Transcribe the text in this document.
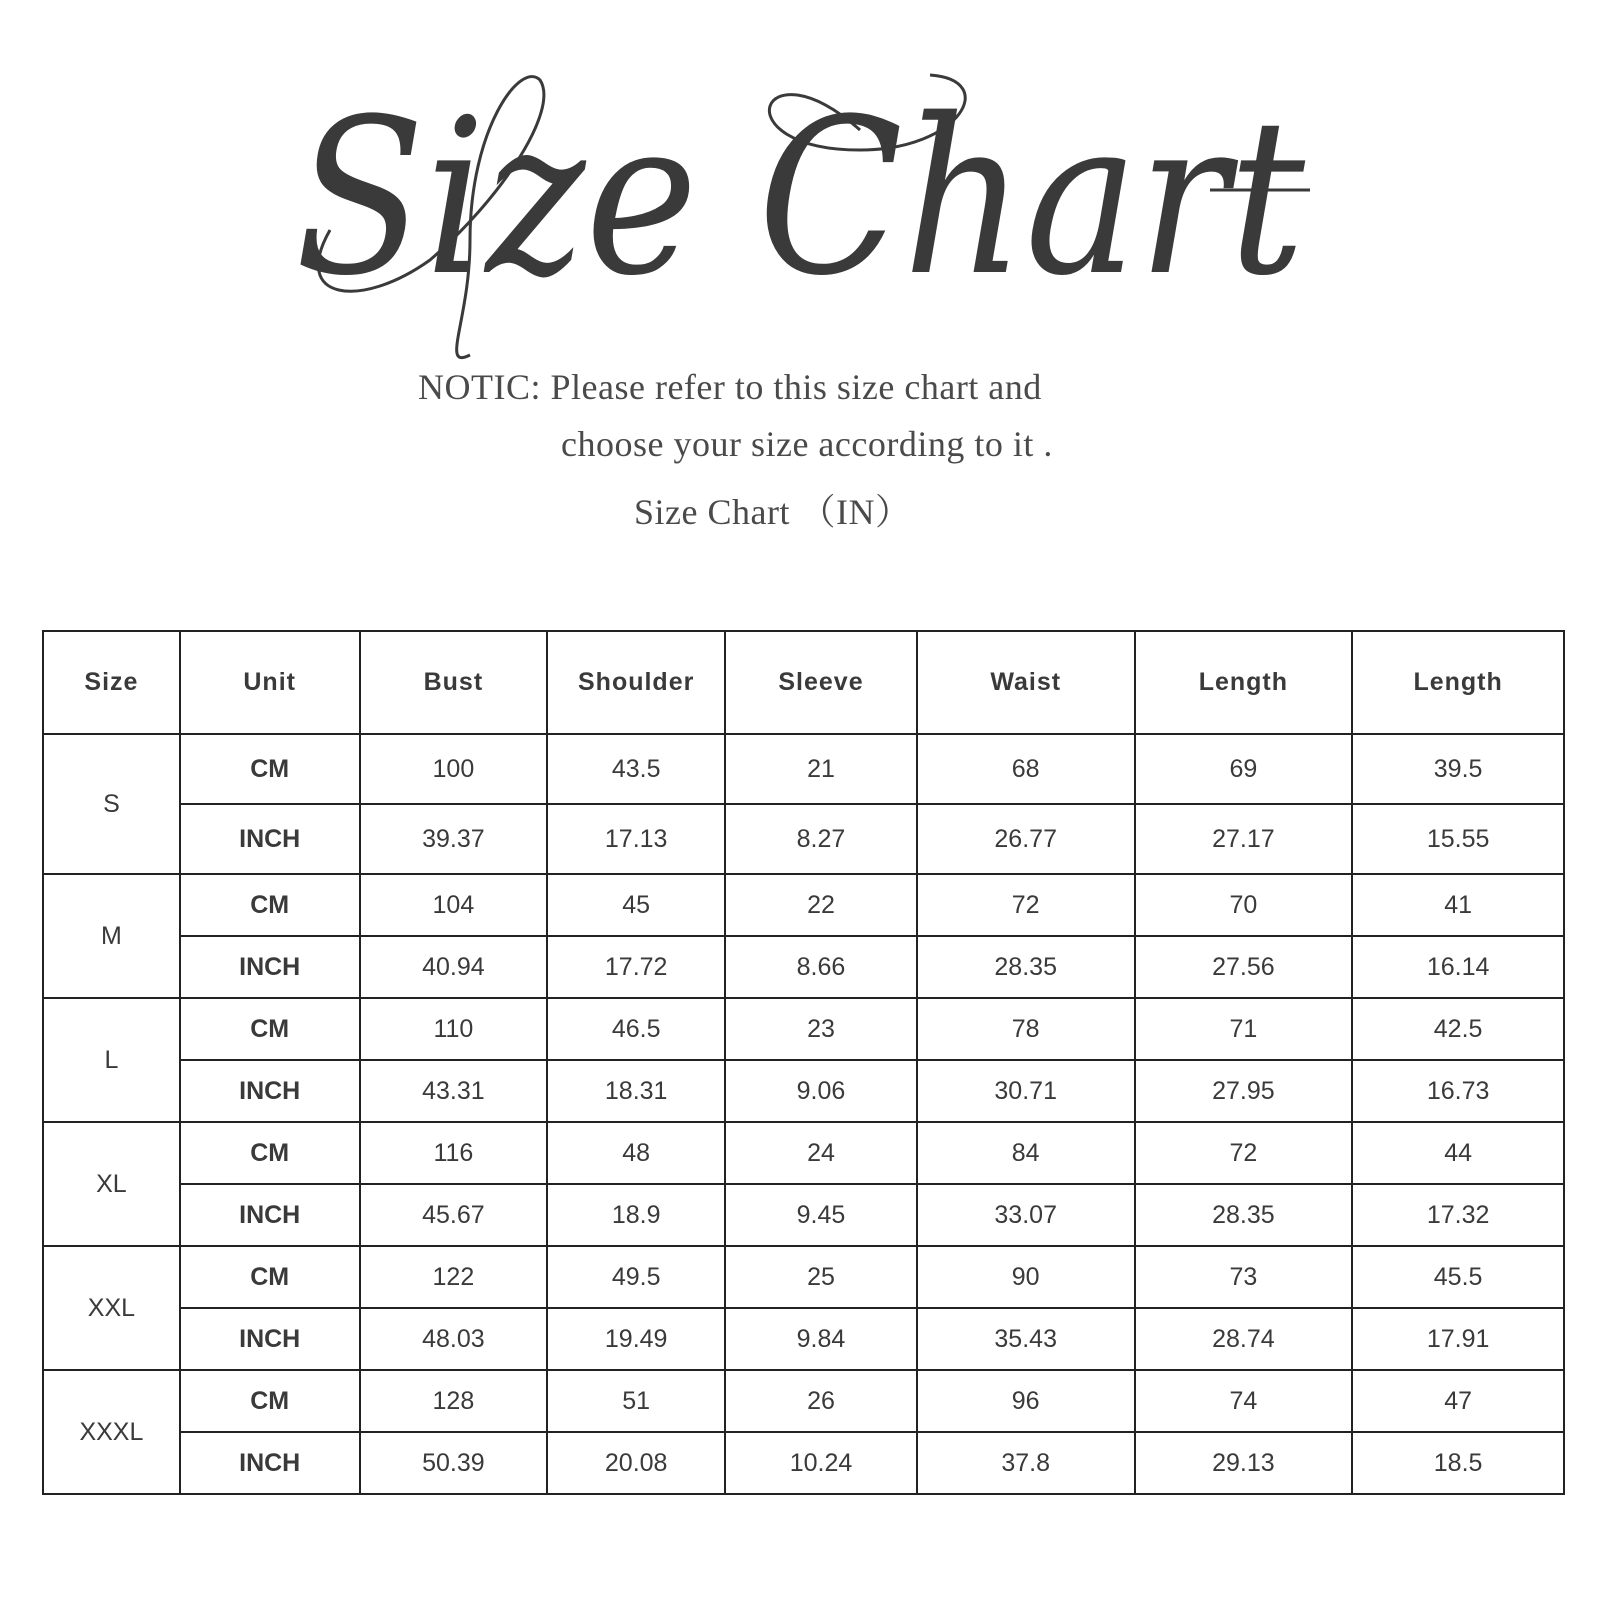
Size Chart
NOTIC: Please refer to this size chart and
choose your size according to it .
Size Chart （IN）
Size	Unit	Bust	Shoulder	Sleeve	Waist	Length	Length
S	CM	100	43.5	21	68	69	39.5
	INCH	39.37	17.13	8.27	26.77	27.17	15.55
M	CM	104	45	22	72	70	41
	INCH	40.94	17.72	8.66	28.35	27.56	16.14
L	CM	110	46.5	23	78	71	42.5
	INCH	43.31	18.31	9.06	30.71	27.95	16.73
XL	CM	116	48	24	84	72	44
	INCH	45.67	18.9	9.45	33.07	28.35	17.32
XXL	CM	122	49.5	25	90	73	45.5
	INCH	48.03	19.49	9.84	35.43	28.74	17.91
XXXL	CM	128	51	26	96	74	47
	INCH	50.39	20.08	10.24	37.8	29.13	18.5
